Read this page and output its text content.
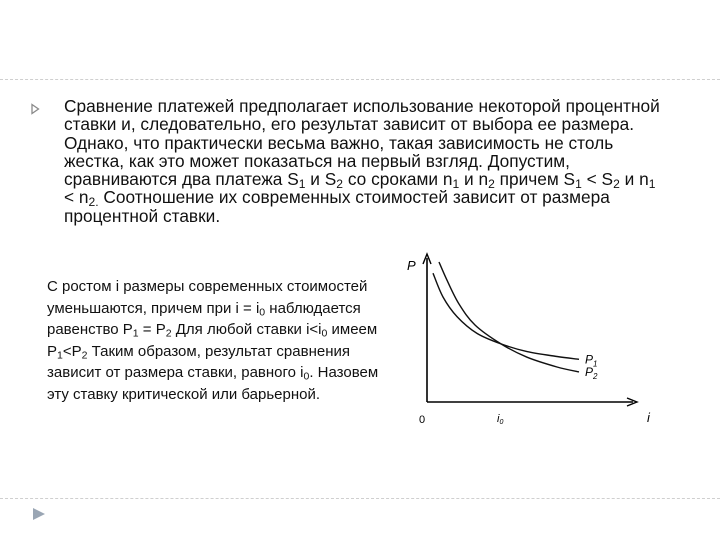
Сравнение платежей предполагает использование некоторой процентной ставки и, следовательно, его результат зависит от выбора ее размера. Однако, что практически весьма важно, такая зависимость не столь жестка, как это может показаться на первый взгляд. Допустим, сравниваются два платежа $S_1$ и $S_2$ со сроками $n_1$ и $n_2$ причем $S_1 < S_2$ и $n_1 < n_{2.}$ Соотношение их современных стоимостей зависит от размера процентной ставки.
С ростом i размеры современных стоимостей уменьшаются, причем при $i = i_0$ наблюдается равенство $P_1 = P_2$ Для любой ставки $i<i_0$ имеем $P_1<P_2$ Таким образом, результат сравнения зависит от размера ставки, равного $i_0$. Назовем эту ставку критической или барьерной.
P
i
0	i0
$P_1$
$P_2$
